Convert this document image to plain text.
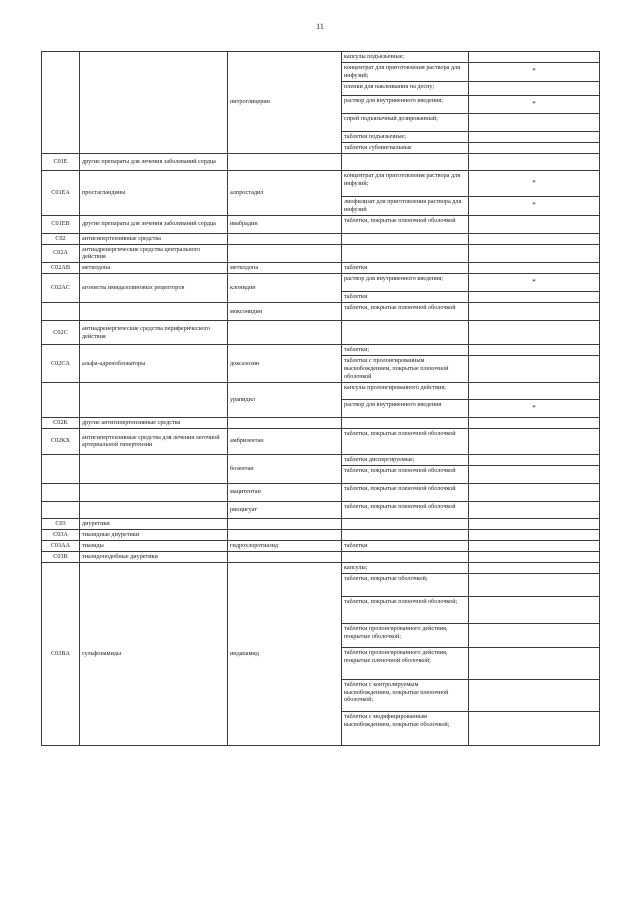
11
		нитроглицерин	капсулы подъязычные;	
			концентрат для приготовления раствора для инфузий;	*
			пленки для наклеивания на десну;	
			раствор для внутривенного введения;	*
			спрей подъязычный дозированный;	
			таблетки подъязычные;	
			таблетки сублингвальные	
C01E	другие препараты для лечения заболеваний сердца			
C01EA	простагландины	алпростадил	концентрат для приготовления раствора для инфузий;	*
			лиофилизат для приготовления раствора для инфузий	*
C01EB	другие препараты для лечения заболеваний сердца	ивабрадин	таблетки, покрытые пленочной оболочкой	
C02	антигипертензивные средства			
C02A	антиадренергические средства центрального действия			
C02AB	метилдопа	метилдопа	таблетки	
C02AC	агонисты имидазолиновых рецепторов	клонидин	раствор для внутривенного введения;	*
			таблетки	
		моксонидин	таблетки, покрытые пленочной оболочкой	
C02C	антиадренергические средства периферического действия			
C02CA	альфа-адреноблокаторы	доксазозин	таблетки;	
			таблетки с пролонгированным высвобождением, покрытые пленочной оболочкой	
		урапидил	капсулы пролонгированного действия;	
			раствор для внутривенного введения	*
C02K	другие антигипертензивные средства			
C02KX	антигипертензивные средства для лечения легочной артериальной гипертензии	амбризентан	таблетки, покрытые пленочной оболочкой	
		бозентан	таблетки диспергируемые;	
			таблетки, покрытые пленочной оболочкой	
		мацитентан	таблетки, покрытые пленочной оболочкой	
		риоцигуат	таблетки, покрытые пленочной оболочкой	
C03	диуретики			
C03A	тиазидные диуретики			
C03AA	тиазиды	гидрохлоротиазид	таблетки	
C03B	тиазидоподобные диуретики			
C03BA	сульфонамиды	индапамид	капсулы;	
			таблетки, покрытые оболочкой;	
			таблетки, покрытые пленочной оболочкой;	
			таблетки пролонгированного действия, покрытые оболочкой;	
			таблетки пролонгированного действия, покрытые пленочной оболочкой;	
			таблетки с контролируемым высвобождением, покрытые пленочной оболочкой;	
			таблетки с модифицированным высвобождением, покрытые оболочкой;	
